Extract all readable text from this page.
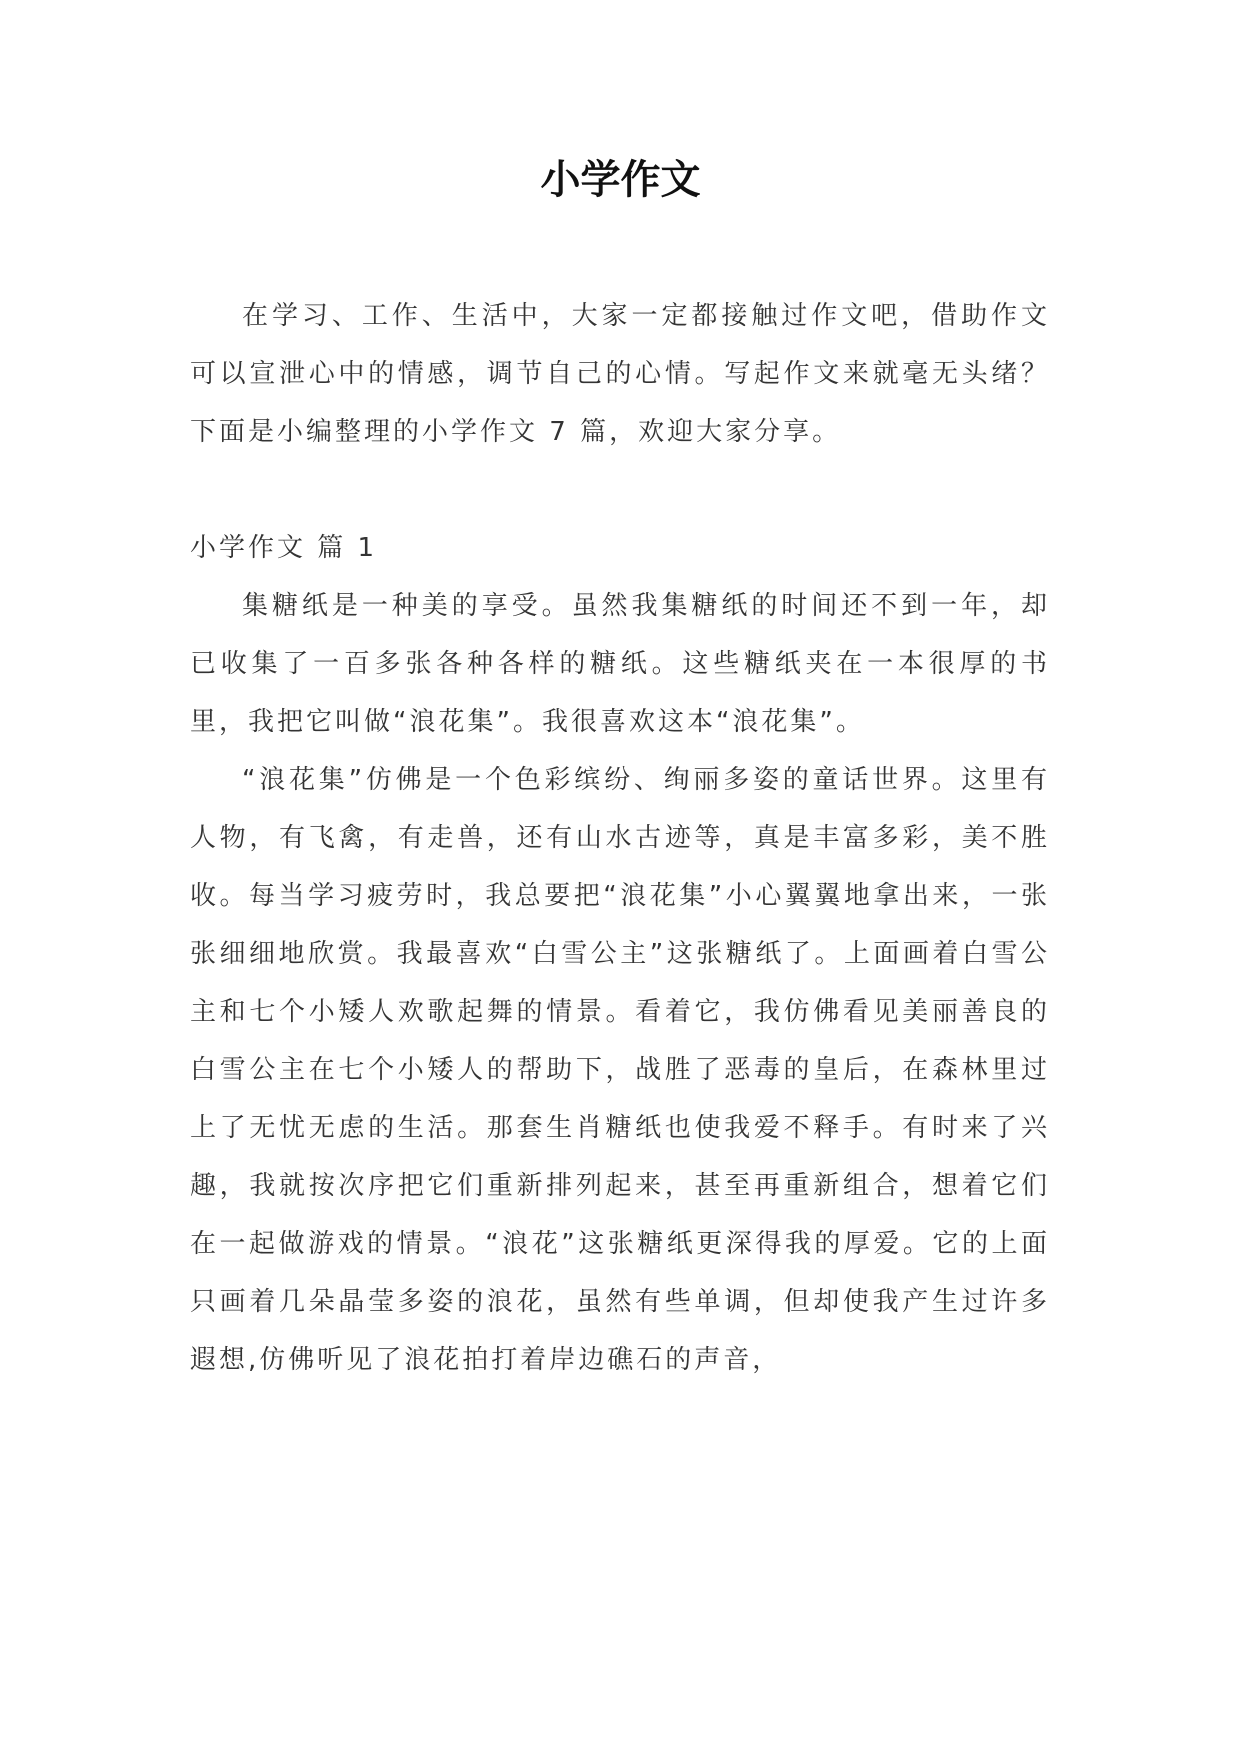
小学作文

在学习、工作、生活中，大家一定都接触过作文吧，借助作文可以宣泄心中的情感，调节自己的心情。写起作文来就毫无头绪？下面是小编整理的小学作文 7 篇，欢迎大家分享。

小学作文 篇 1

集糖纸是一种美的享受。虽然我集糖纸的时间还不到一年，却已收集了一百多张各种各样的糖纸。这些糖纸夹在一本很厚的书里，我把它叫做“浪花集”。我很喜欢这本“浪花集”。

“浪花集”仿佛是一个色彩缤纷、绚丽多姿的童话世界。这里有人物，有飞禽，有走兽，还有山水古迹等，真是丰富多彩，美不胜收。每当学习疲劳时，我总要把“浪花集”小心翼翼地拿出来，一张张细细地欣赏。我最喜欢“白雪公主”这张糖纸了。上面画着白雪公主和七个小矮人欢歌起舞的情景。看着它，我仿佛看见美丽善良的白雪公主在七个小矮人的帮助下，战胜了恶毒的皇后，在森林里过上了无忧无虑的生活。那套生肖糖纸也使我爱不释手。有时来了兴趣，我就按次序把它们重新排列起来，甚至再重新组合，想着它们在一起做游戏的情景。“浪花”这张糖纸更深得我的厚爱。它的上面只画着几朵晶莹多姿的浪花，虽然有些单调，但却使我产生过许多遐想,仿佛听见了浪花拍打着岸边礁石的声音，
